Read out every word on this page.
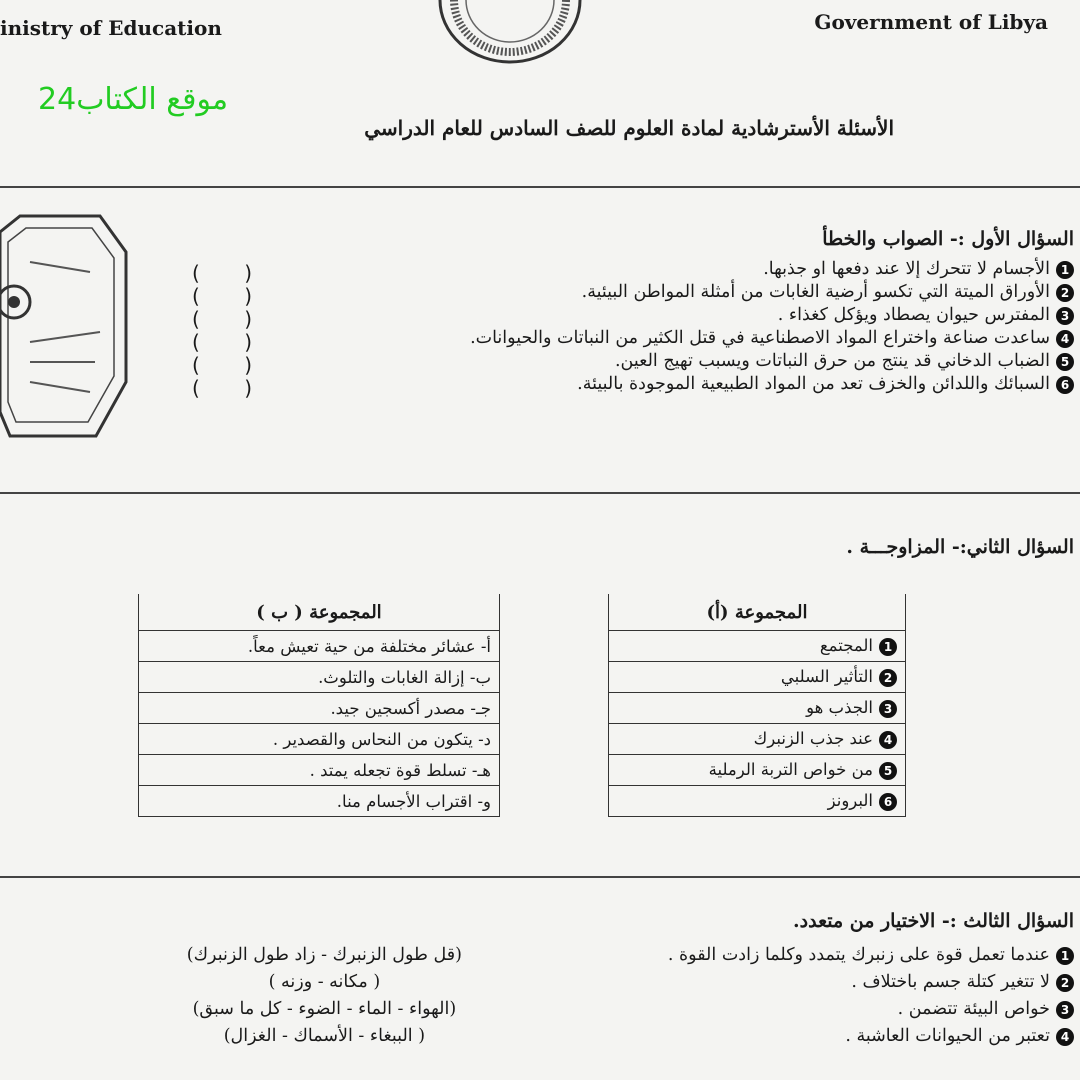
inistry of Education	Government of Libya
موقع الكتاب24
الأسئلة الأسترشادية لمادة العلوم للصف السادس للعام الدراسي
السؤال الأول :- الصواب والخطأ
1الأجسام لا تتحرك إلا عند دفعها او جذبها.
2الأوراق الميتة التي تكسو أرضية الغابات من أمثلة المواطن البيئية.
3المفترس حيوان يصطاد ويؤكل كغذاء .
4ساعدت صناعة واختراع المواد الاصطناعية في قتل الكثير من النباتات والحيوانات.
5الضباب الدخاني قد ينتج من حرق النباتات ويسبب تهيج العين.
6السبائك واللدائن والخزف تعد من المواد الطبيعية الموجودة بالبيئة.
( )
( )
( )
( )
( )
( )
السؤال الثاني:- المزاوجـــة .
المجموعة ( ب )
أ- عشائر مختلفة من حية تعيش معاً.
ب- إزالة الغابات والتلوث.
جـ- مصدر أكسجين جيد.
د- يتكون من النحاس والقصدير .
هـ- تسلط قوة تجعله يمتد .
و- اقتراب الأجسام منا.
المجموعة (أ)
1المجتمع
2التأثير السلبي
3الجذب هو
4عند جذب الزنبرك
5من خواص التربة الرملية
6البرونز
السؤال الثالث :- الاختيار من متعدد.
1عندما تعمل قوة على زنبرك يتمدد وكلما زادت القوة .
2لا تتغير كتلة جسم باختلاف .
3خواص البيئة تتضمن .
4تعتبر من الحيوانات العاشبة .
(قل طول الزنبرك - زاد طول الزنبرك)
( مكانه - وزنه )
(الهواء - الماء - الضوء - كل ما سبق)
( الببغاء - الأسماك - الغزال)
